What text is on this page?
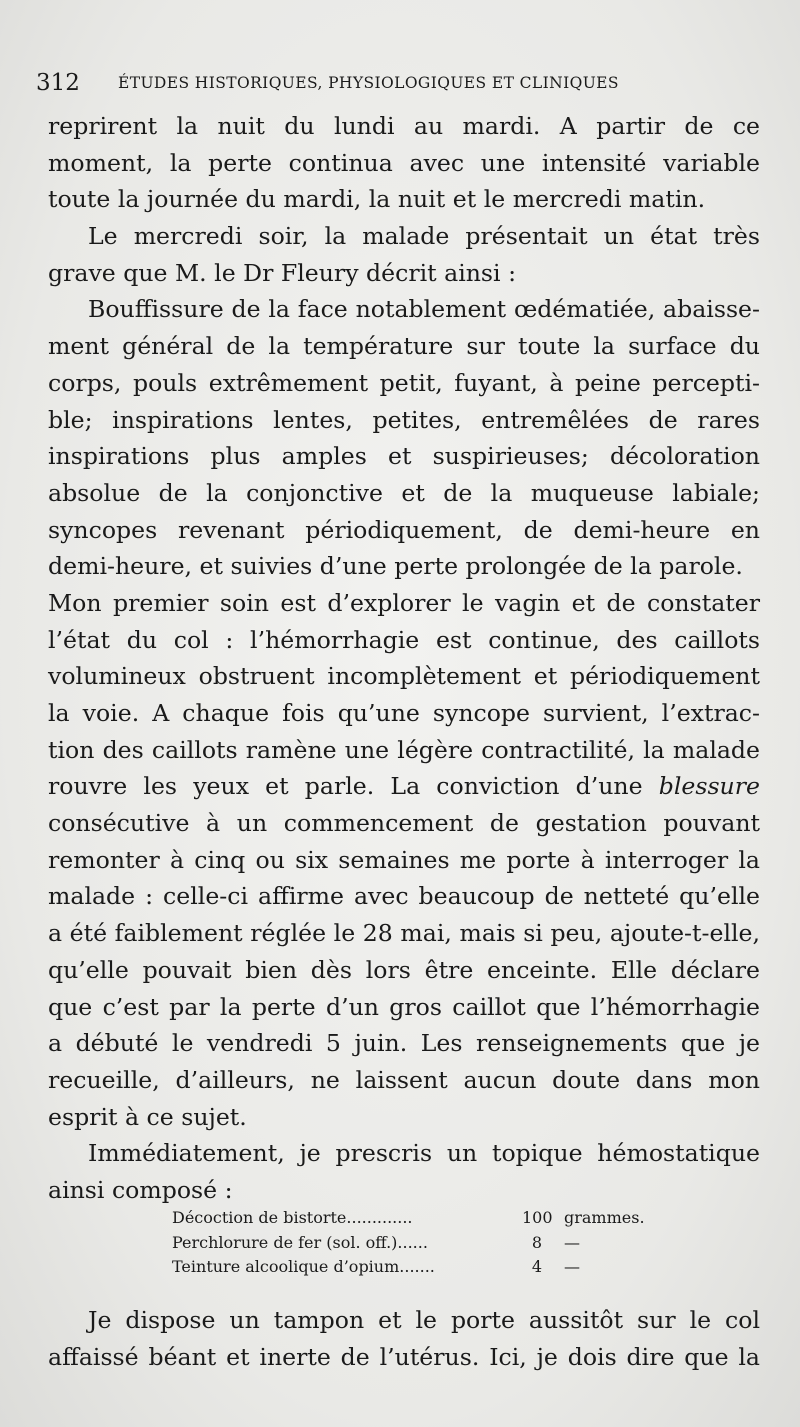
312 ÉTUDES HISTORIQUES, PHYSIOLOGIQUES ET CLINIQUES
reprirent la nuit du lundi au mardi. A partir de ce
moment, la perte continua avec une intensité variable
toute la journée du mardi, la nuit et le mercredi matin.
Le mercredi soir, la malade présentait un état très
grave que M. le Dr Fleury décrit ainsi :
Bouffissure de la face notablement œdématiée, abaisse-
ment général de la température sur toute la surface du
corps, pouls extrêmement petit, fuyant, à peine percepti-
ble; inspirations lentes, petites, entremêlées de rares
inspirations plus amples et suspirieuses; décoloration
absolue de la conjonctive et de la muqueuse labiale;
syncopes revenant périodiquement, de demi-heure en
demi-heure, et suivies d’une perte prolongée de la parole.
Mon premier soin est d’explorer le vagin et de constater
l’état du col : l’hémorrhagie est continue, des caillots
volumineux obstruent incomplètement et périodiquement
la voie. A chaque fois qu’une syncope survient, l’extrac-
tion des caillots ramène une légère contractilité, la malade
rouvre les yeux et parle. La conviction d’une blessure
consécutive à un commencement de gestation pouvant
remonter à cinq ou six semaines me porte à interroger la
malade : celle-ci affirme avec beaucoup de netteté qu’elle
a été faiblement réglée le 28 mai, mais si peu, ajoute-t-elle,
qu’elle pouvait bien dès lors être enceinte. Elle déclare
que c’est par la perte d’un gros caillot que l’hémorrhagie
a débuté le vendredi 5 juin. Les renseignements que je
recueille, d’ailleurs, ne laissent aucun doute dans mon
esprit à ce sujet.
Immédiatement, je prescris un topique hémostatique
ainsi composé :
Décoction de bistorte.............	100 grammes.
Perchlorure de fer (sol. off.)......	8	—
Teinture alcoolique d’opium.......	4	—
Je dispose un tampon et le porte aussitôt sur le col
affaissé béant et inerte de l’utérus. Ici, je dois dire que la
